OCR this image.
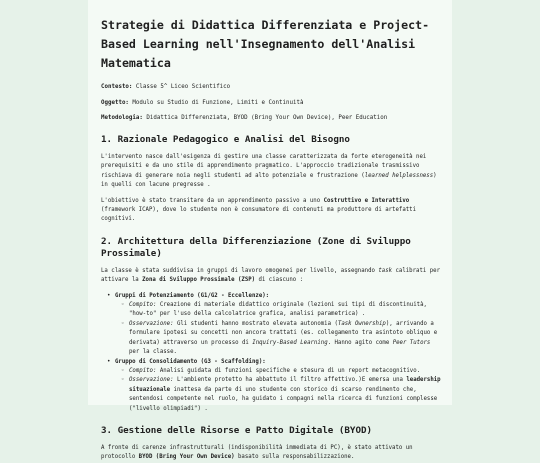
Strategie di Didattica Differenziata e Project-Based Learning nell'Insegnamento dell'Analisi Matematica
Contesto: Classe 5^ Liceo Scientifico
Oggetto: Modulo su Studio di Funzione, Limiti e Continuità
Metodologia: Didattica Differenziata, BYOD (Bring Your Own Device), Peer Education
1. Razionale Pedagogico e Analisi del Bisogno

L'intervento nasce dall'esigenza di gestire una classe caratterizzata da forte eterogeneità nei prerequisiti e da uno stile di apprendimento pragmatico. L'approccio tradizionale trasmissivo rischiava di generare noia negli studenti ad alto potenziale e frustrazione (learned helplessness) in quelli con lacune pregresse .

L'obiettivo è stato transitare da un apprendimento passivo a uno Costruttivo e Interattivo (framework ICAP), dove lo studente non è consumatore di contenuti ma produttore di artefatti cognitivi.

2. Architettura della Differenziazione (Zone di Sviluppo Prossimale)

La classe è stata suddivisa in gruppi di lavoro omogenei per livello, assegnando task calibrati per attivare la Zona di Sviluppo Prossimale (ZSP) di ciascuno :

• Gruppi di Potenziamento (G1/G2 - Eccellenze):
◦ Compito: Creazione di materiale didattico originale (lezioni sui tipi di discontinuità, "how-to" per l'uso della calcolatrice grafica, analisi parametrica) .
◦ Osservazione: Gli studenti hanno mostrato elevata autonomia (Task Ownership), arrivando a formulare ipotesi su concetti non ancora trattati (es. collegamento tra asintoto obliquo e derivata) attraverso un processo di Inquiry-Based Learning. Hanno agito come Peer Tutors per la classe.
• Gruppo di Consolidamento (G3 - Scaffolding):
◦ Compito: Analisi guidata di funzioni specifiche e stesura di un report metacognitivo.
◦ Osservazione: L'ambiente protetto ha abbattuto il filtro affettivo.)E emersa una leadership situazionale inattesa da parte di uno studente con storico di scarso rendimento che, sentendosi competente nel ruolo, ha guidato i compagni nella ricerca di funzioni complesse ("livello olimpiadi") .
3. Gestione delle Risorse e Patto Digitale (BYOD)

A fronte di carenze infrastrutturali (indisponibilità immediata di PC), è stato attivato un protocollo BYOD (Bring Your Own Device) basato sulla responsabilizzazione.
